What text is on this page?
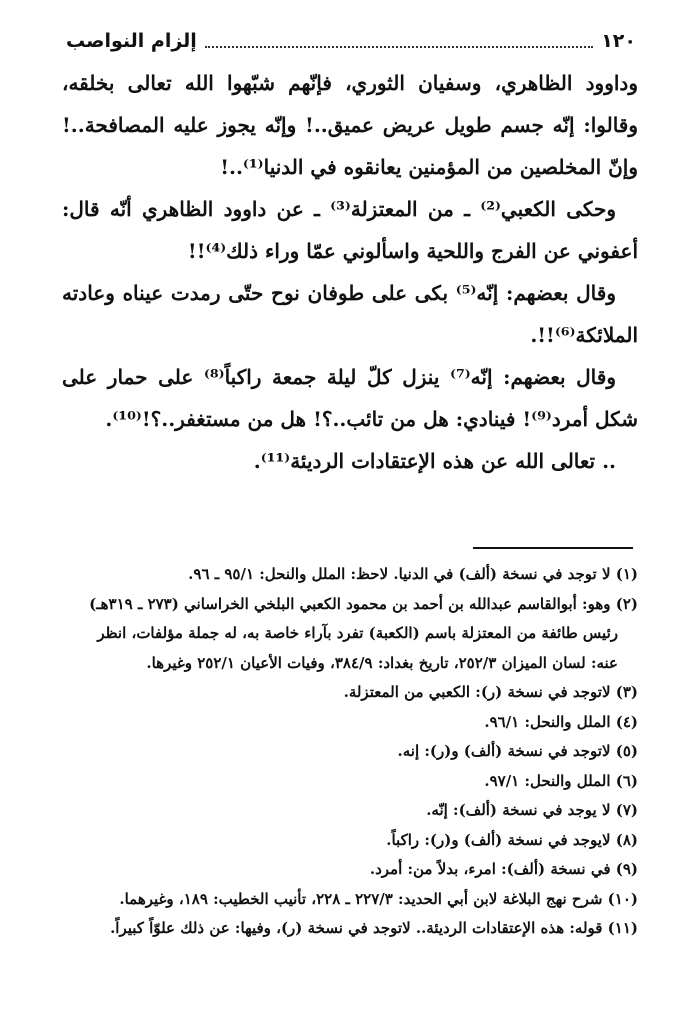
١٢٠
إلزام النواصب

وداوود الظاهري، وسفيان الثوري، فإنّهم شبّهوا الله تعالى بخلقه، وقالوا: إنّه جسم طويل عريض عميق..! وإنّه يجوز عليه المصافحة..! وإنّ المخلصين من المؤمنين يعانقوه في الدنيا⁽¹⁾..!

وحكى الكعبي⁽²⁾ ـ من المعتزلة⁽³⁾ ـ عن داوود الظاهري أنّه قال: أعفوني عن الفرج واللحية واسألوني عمّا وراء ذلك⁽⁴⁾!!

وقال بعضهم: إنّه⁽⁵⁾ بكى على طوفان نوح حتّى رمدت عيناه وعادته الملائكة⁽⁶⁾!!.

وقال بعضهم: إنّه⁽⁷⁾ ينزل كلّ ليلة جمعة راكباً⁽⁸⁾ على حمار على شكل أمرد⁽⁹⁾! فينادي: هل من تائب..؟! هل من مستغفر..؟!⁽¹⁰⁾.

.. تعالى الله عن هذه الإعتقادات الرديئة⁽¹¹⁾.

(١) لا توجد في نسخة (ألف) في الدنيا. لاحظ: الملل والنحل: ٩٥/١ ـ ٩٦.

(٢) وهو: أبوالقاسم عبدالله بن أحمد بن محمود الكعبي البلخي الخراساني (٢٧٣ ـ ٣١٩هـ)

رئيس طائفة من المعتزلة باسم (الكعبة) تفرد بآراء خاصة به، له جملة مؤلفات، انظر

عنه: لسان الميزان ٢٥٢/٣، تاريخ بغداد: ٣٨٤/٩، وفيات الأعيان ٢٥٢/١ وغيرها.

(٣) لاتوجد في نسخة (ر): الكعبي من المعتزلة.

(٤) الملل والنحل: ٩٦/١.

(٥) لاتوجد في نسخة (ألف) و(ر): إنه.

(٦) الملل والنحل: ٩٧/١.

(٧) لا يوجد في نسخة (ألف): إنّه.

(٨) لايوجد في نسخة (ألف) و(ر): راكباً.

(٩) في نسخة (ألف): امرء، بدلاً من: أمرد.

(١٠) شرح نهج البلاغة لابن أبي الحديد: ٢٢٧/٣ ـ ٢٢٨، تأنيب الخطيب: ١٨٩، وغيرهما.

(١١) قوله: هذه الإعتقادات الرديئة.. لاتوجد في نسخة (ر)، وفيها: عن ذلك علوّاً كبيراً.
